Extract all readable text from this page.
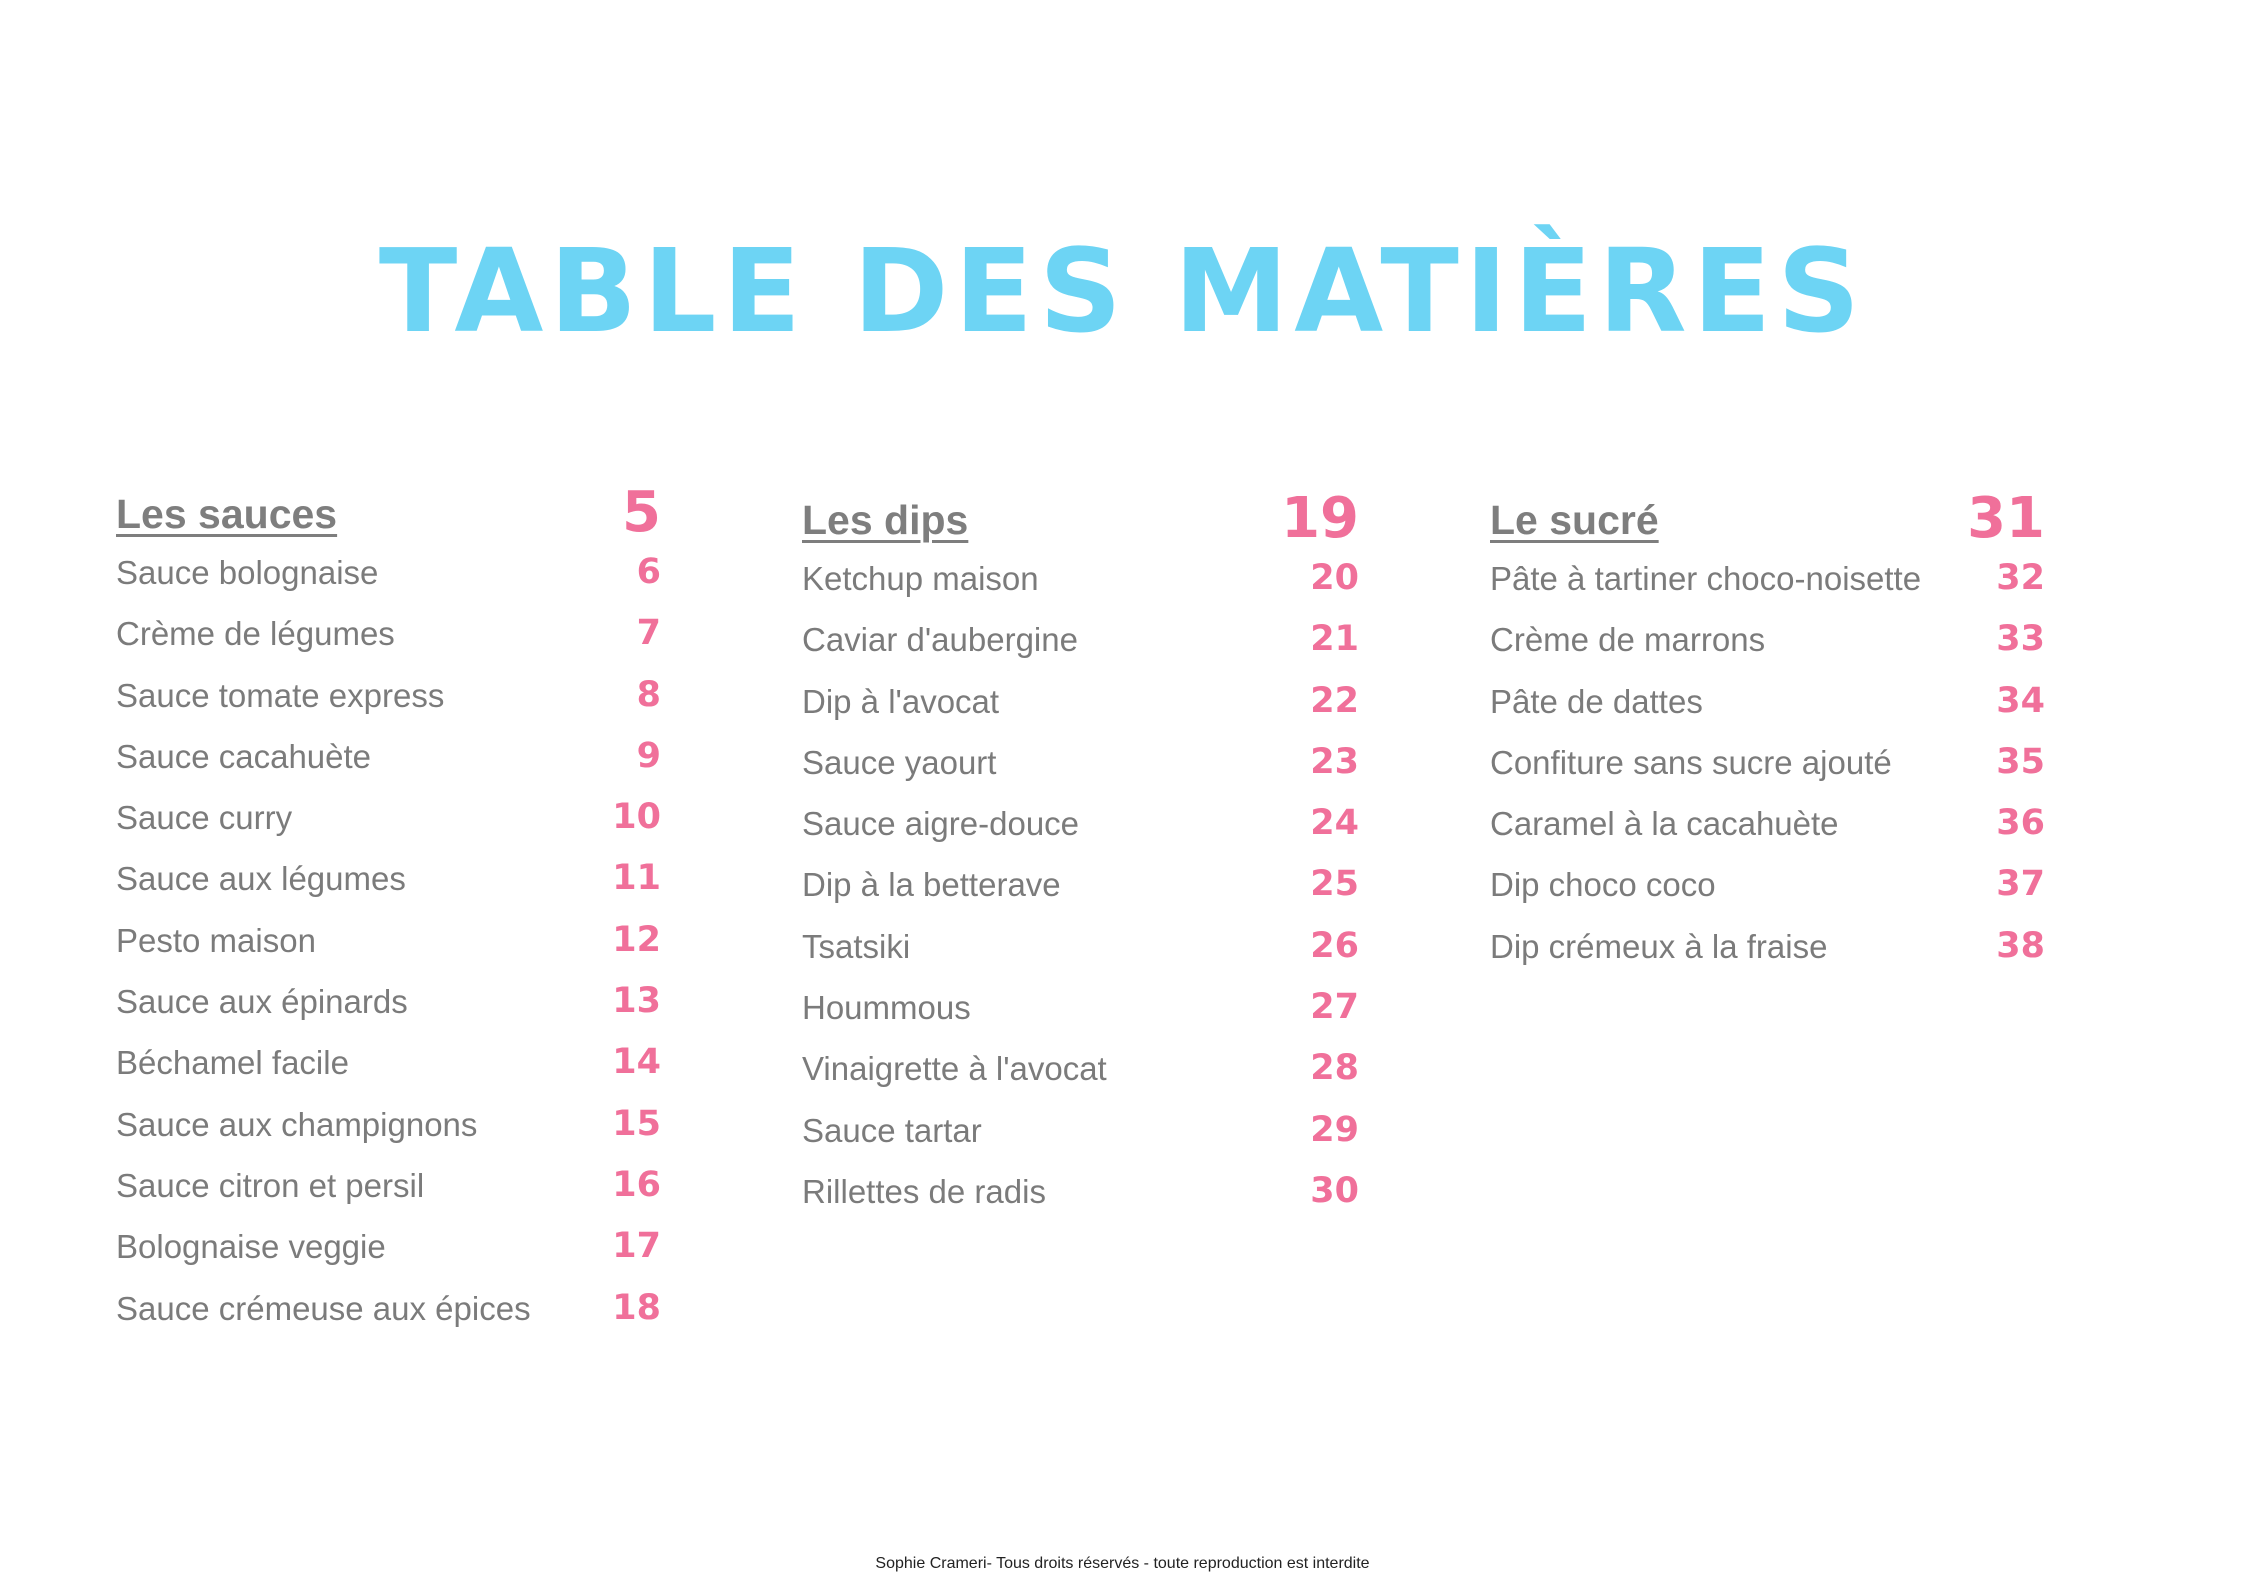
TABLE DES MATIÈRES
Les sauces	5
Sauce bolognaise	6
Crème de légumes	7
Sauce tomate express	8
Sauce cacahuète	9
Sauce curry	10
Sauce aux légumes	11
Pesto maison	12
Sauce aux épinards	13
Béchamel facile	14
Sauce aux champignons	15
Sauce citron et persil	16
Bolognaise veggie	17
Sauce crémeuse aux épices 18
Les dips	19
Ketchup maison	20
Caviar d'aubergine	21
Dip à l'avocat	22
Sauce yaourt	23
Sauce aigre-douce	24
Dip à la betterave	25
Tsatsiki	26
Hoummous	27
Vinaigrette à l'avocat	28
Sauce tartar	29
Rillettes de radis	30
Le sucré	31
Pâte à tartiner choco-noisette 32
Crème de marrons	33
Pâte de dattes	34
Confiture sans sucre ajouté	35
Caramel à la cacahuète	36
Dip choco coco	37
Dip crémeux à la fraise	38
Sophie Crameri- Tous droits réservés - toute reproduction est interdite
